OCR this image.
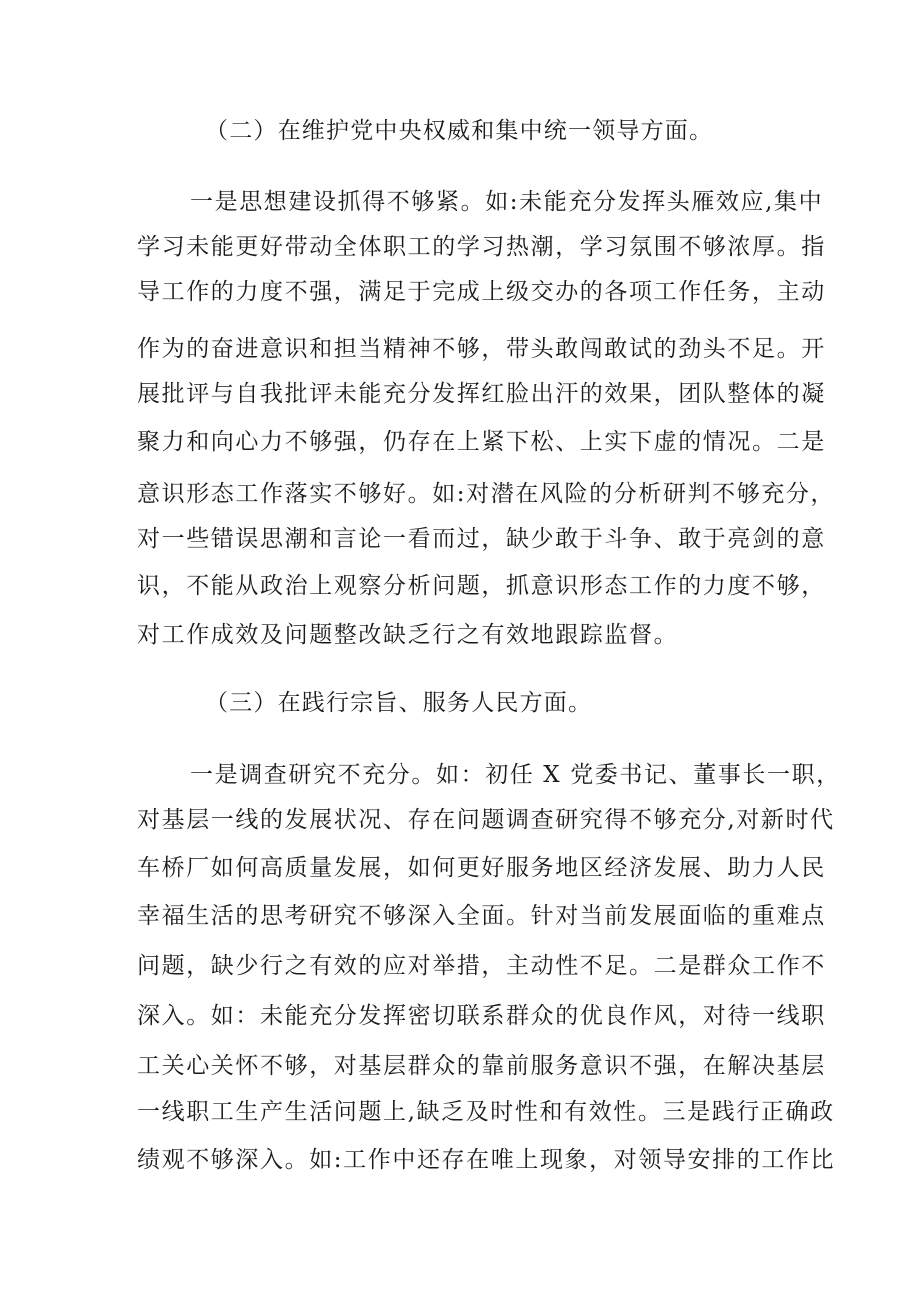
（二）在维护党中央权威和集中统一领导方面。
一是思想建设抓得不够紧。如:未能充分发挥头雁效应,集中
学习未能更好带动全体职工的学习热潮，学习氛围不够浓厚。指
导工作的力度不强，满足于完成上级交办的各项工作任务，主动
作为的奋进意识和担当精神不够，带头敢闯敢试的劲头不足。开
展批评与自我批评未能充分发挥红脸出汗的效果，团队整体的凝
聚力和向心力不够强，仍存在上紧下松、上实下虚的情况。二是
意识形态工作落实不够好。如:对潜在风险的分析研判不够充分，
对一些错误思潮和言论一看而过，缺少敢于斗争、敢于亮剑的意
识，不能从政治上观察分析问题，抓意识形态工作的力度不够，
对工作成效及问题整改缺乏行之有效地跟踪监督。
（三）在践行宗旨、服务人民方面。
一是调查研究不充分。如：初任 X 党委书记、董事长一职，
对基层一线的发展状况、存在问题调查研究得不够充分,对新时代
车桥厂如何高质量发展，如何更好服务地区经济发展、助力人民
幸福生活的思考研究不够深入全面。针对当前发展面临的重难点
问题，缺少行之有效的应对举措，主动性不足。二是群众工作不
深入。如：未能充分发挥密切联系群众的优良作风，对待一线职
工关心关怀不够，对基层群众的靠前服务意识不强，在解决基层
一线职工生产生活问题上,缺乏及时性和有效性。三是践行正确政
绩观不够深入。如:工作中还存在唯上现象，对领导安排的工作比
